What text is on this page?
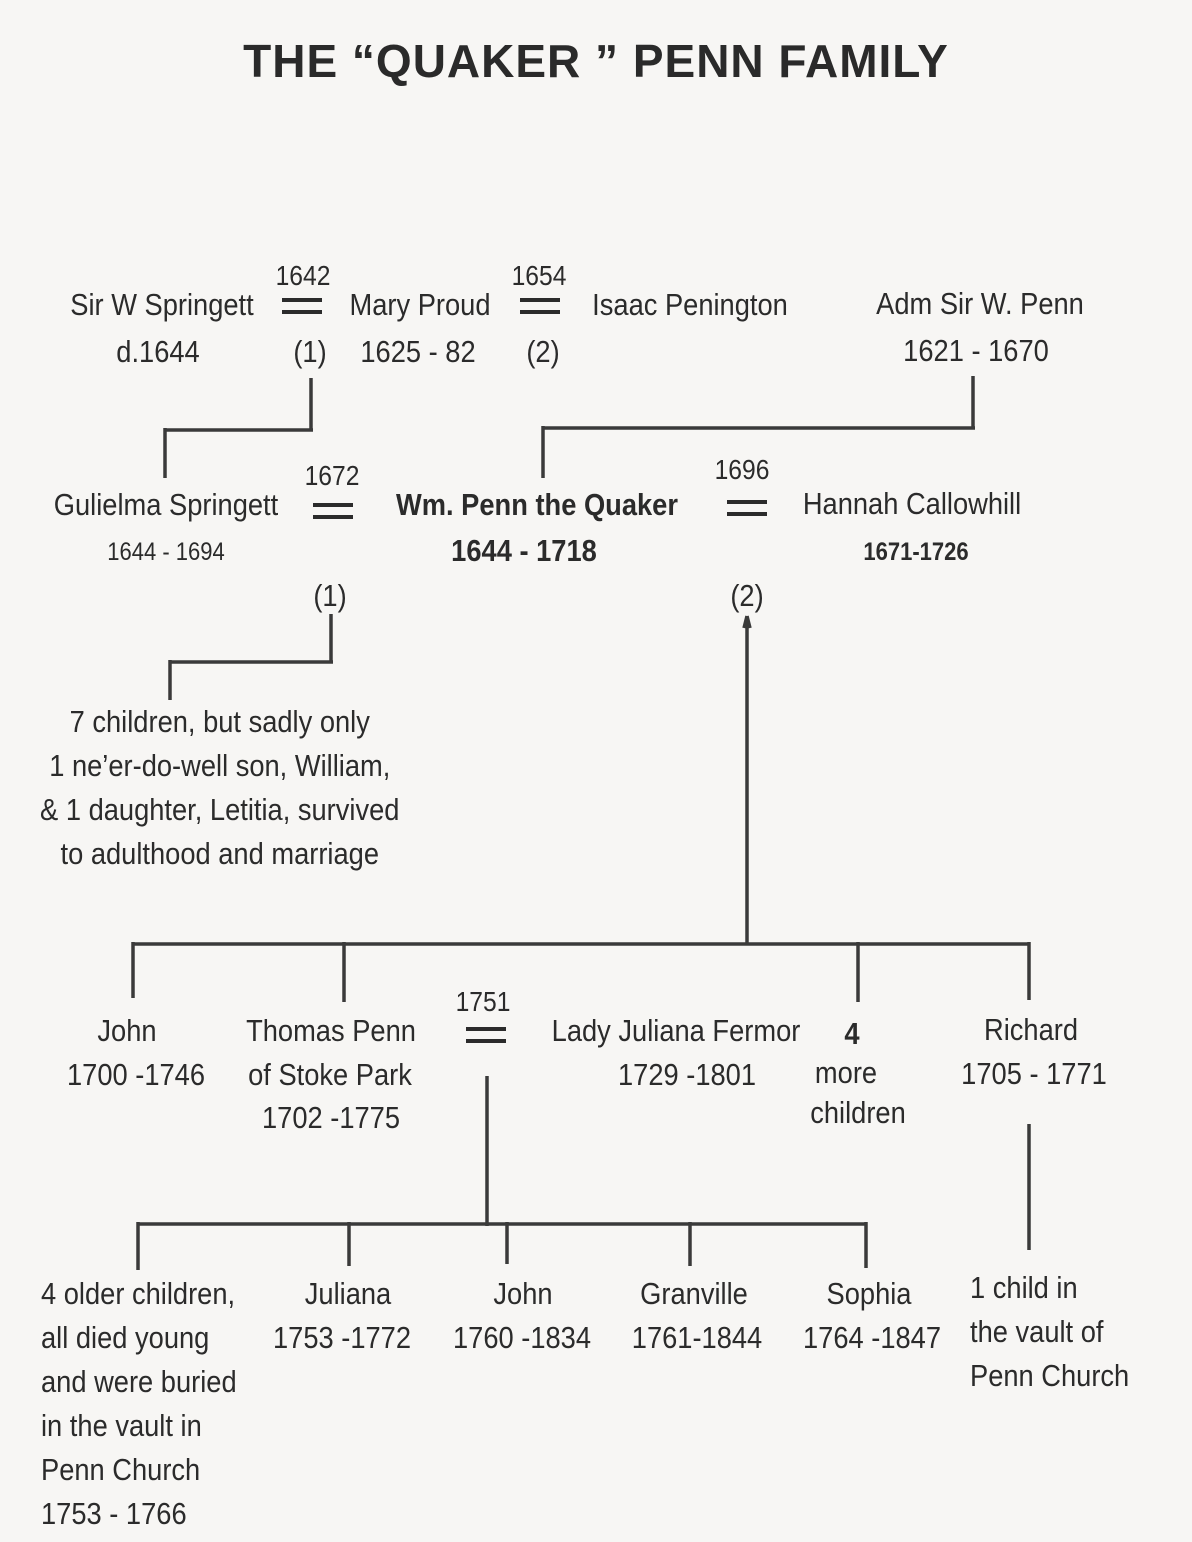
THE “QUAKER ” PENN FAMILY
Sir W Springett
d.1644
1642
(1)
Mary Proud
1625 - 82
1654
(2)
Isaac Penington	Adm Sir W. Penn
1621 - 1670
Gulielma Springett
1644 - 1694
1672
(1)
Wm. Penn the Quaker
1644 - 1718
1696
(2)
Hannah Callowhill
1671-1726
7 children, but sadly only
1 ne’er-do-well son, William,
& 1 daughter, Letitia, survived
to adulthood and marriage
John
1700 -1746
Thomas Penn
of Stoke Park
1702 -1775
1751
Lady Juliana Fermor
1729 -1801
4
more
children
Richard
1705 - 1771
4 older children,
all died young
and were buried
in the vault in
Penn Church
1753 - 1766
Juliana
1753 -1772
John
1760 -1834
Granville
1761-1844
Sophia
1764 -1847
1 child in
the vault of
Penn Church
